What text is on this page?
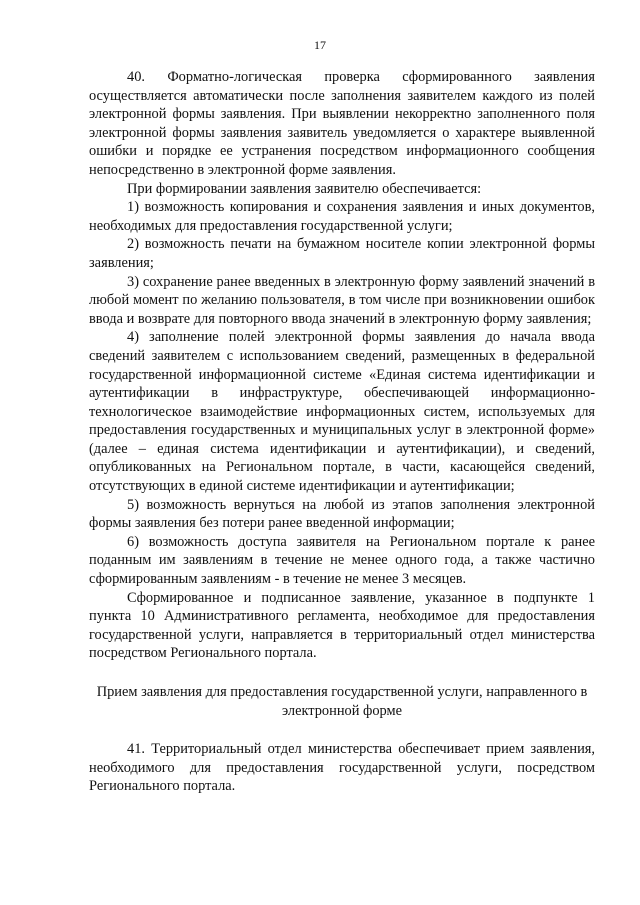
17

40. Форматно-логическая проверка сформированного заявления осуществляется автоматически после заполнения заявителем каждого из полей электронной формы заявления. При выявлении некорректно заполненного поля электронной формы заявления заявитель уведомляется о характере выявленной ошибки и порядке ее устранения посредством информационного сообщения непосредственно в электронной форме заявления.

При формировании заявления заявителю обеспечивается:

1) возможность копирования и сохранения заявления и иных документов, необходимых для предоставления государственной услуги;

2) возможность печати на бумажном носителе копии электронной формы заявления;

3) сохранение ранее введенных в электронную форму заявлений значений в любой момент по желанию пользователя, в том числе при возникновении ошибок ввода и возврате для повторного ввода значений в электронную форму заявления;

4) заполнение полей электронной формы заявления до начала ввода сведений заявителем с использованием сведений, размещенных в федеральной государственной информационной системе «Единая система идентификации и аутентификации в инфраструктуре, обеспечивающей информационно-технологическое взаимодействие информационных систем, используемых для предоставления государственных и муниципальных услуг в электронной форме» (далее – единая система идентификации и аутентификации), и сведений, опубликованных на Региональном портале, в части, касающейся сведений, отсутствующих в единой системе идентификации и аутентификации;

5) возможность вернуться на любой из этапов заполнения электронной формы заявления без потери ранее введенной информации;

6) возможность доступа заявителя на Региональном портале к ранее поданным им заявлениям в течение не менее одного года, а также частично сформированным заявлениям - в течение не менее 3 месяцев.

Сформированное и подписанное заявление, указанное в подпункте 1 пункта 10 Административного регламента, необходимое для предоставления государственной услуги, направляется в территориальный отдел министерства посредством Регионального портала.

Прием заявления для предоставления государственной услуги, направленного в электронной форме

41. Территориальный отдел министерства обеспечивает прием заявления, необходимого для предоставления государственной услуги, посредством Регионального портала.
